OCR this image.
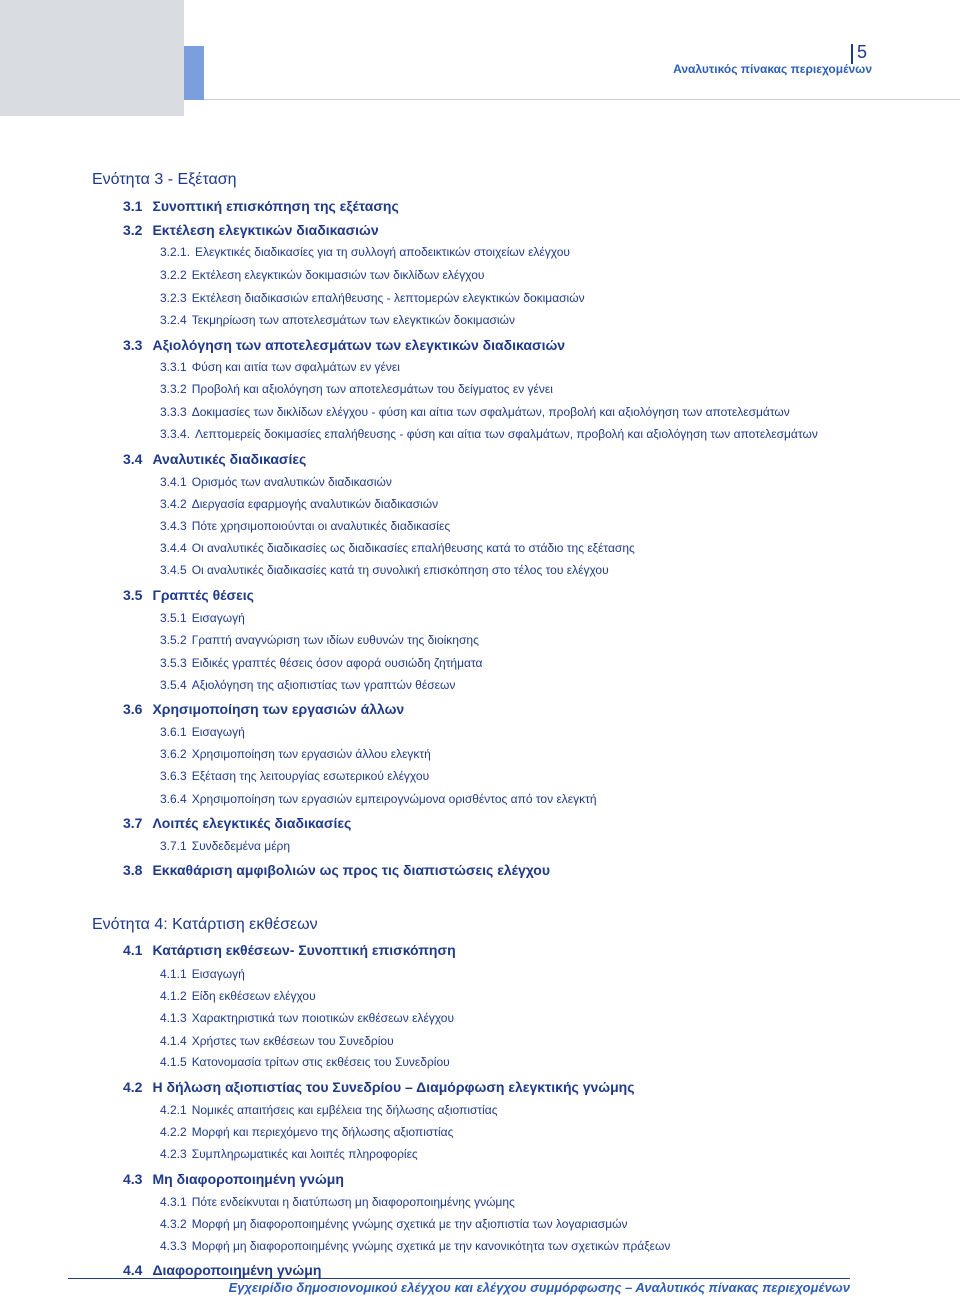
5
Αναλυτικός πίνακας περιεχομένων
Ενότητα 3 - Εξέταση
3.1 Συνοπτική επισκόπηση της εξέτασης
3.2 Εκτέλεση ελεγκτικών διαδικασιών
3.2.1. Ελεγκτικές διαδικασίες για τη συλλογή αποδεικτικών στοιχείων ελέγχου
3.2.2 Εκτέλεση ελεγκτικών δοκιμασιών των δικλίδων ελέγχου
3.2.3 Εκτέλεση διαδικασιών επαλήθευσης - λεπτομερών ελεγκτικών δοκιμασιών
3.2.4 Τεκμηρίωση των αποτελεσμάτων των ελεγκτικών δοκιμασιών
3.3 Αξιολόγηση των αποτελεσμάτων των ελεγκτικών διαδικασιών
3.3.1 Φύση και αιτία των σφαλμάτων εν γένει
3.3.2 Προβολή και αξιολόγηση των αποτελεσμάτων του δείγματος εν γένει
3.3.3 Δοκιμασίες των δικλίδων ελέγχου - φύση και αίτια των σφαλμάτων, προβολή και αξιολόγηση των αποτελεσμάτων
3.3.4. Λεπτομερείς δοκιμασίες επαλήθευσης - φύση και αίτια των σφαλμάτων, προβολή και αξιολόγηση των αποτελεσμάτων
3.4 Αναλυτικές διαδικασίες
3.4.1 Ορισμός των αναλυτικών διαδικασιών
3.4.2 Διεργασία εφαρμογής αναλυτικών διαδικασιών
3.4.3 Πότε χρησιμοποιούνται οι αναλυτικές διαδικασίες
3.4.4 Οι αναλυτικές διαδικασίες ως διαδικασίες επαλήθευσης κατά το στάδιο της εξέτασης
3.4.5 Οι αναλυτικές διαδικασίες κατά τη συνολική επισκόπηση στο τέλος του ελέγχου
3.5 Γραπτές θέσεις
3.5.1 Εισαγωγή
3.5.2 Γραπτή αναγνώριση των ιδίων ευθυνών της διοίκησης
3.5.3 Ειδικές γραπτές θέσεις όσον αφορά ουσιώδη ζητήματα
3.5.4 Αξιολόγηση της αξιοπιστίας των γραπτών θέσεων
3.6 Χρησιμοποίηση των εργασιών άλλων
3.6.1 Εισαγωγή
3.6.2 Χρησιμοποίηση των εργασιών άλλου ελεγκτή
3.6.3 Εξέταση της λειτουργίας εσωτερικού ελέγχου
3.6.4 Χρησιμοποίηση των εργασιών εμπειρογνώμονα ορισθέντος από τον ελεγκτή
3.7 Λοιπές ελεγκτικές διαδικασίες
3.7.1 Συνδεδεμένα μέρη
3.8 Εκκαθάριση αμφιβολιών ως προς τις διαπιστώσεις ελέγχου
Ενότητα 4: Κατάρτιση εκθέσεων
4.1 Κατάρτιση εκθέσεων- Συνοπτική επισκόπηση
4.1.1 Εισαγωγή
4.1.2 Είδη εκθέσεων ελέγχου
4.1.3 Χαρακτηριστικά των ποιοτικών εκθέσεων ελέγχου
4.1.4 Χρήστες των εκθέσεων του Συνεδρίου
4.1.5 Κατονομασία τρίτων στις εκθέσεις του Συνεδρίου
4.2 Η δήλωση αξιοπιστίας του Συνεδρίου – Διαμόρφωση ελεγκτικής γνώμης
4.2.1 Νομικές απαιτήσεις και εμβέλεια της δήλωσης αξιοπιστίας
4.2.2 Μορφή και περιεχόμενο της δήλωσης αξιοπιστίας
4.2.3 Συμπληρωματικές και λοιπές πληροφορίες
4.3 Μη διαφοροποιημένη γνώμη
4.3.1 Πότε ενδείκνυται η διατύπωση μη διαφοροποιημένης γνώμης
4.3.2 Μορφή μη διαφοροποιημένης γνώμης σχετικά με την αξιοπιστία των λογαριασμών
4.3.3 Μορφή μη διαφοροποιημένης γνώμης σχετικά με την κανονικότητα των σχετικών πράξεων
4.4 Διαφοροποιημένη γνώμη
Εγχειρίδιο δημοσιονομικού ελέγχου και ελέγχου συμμόρφωσης – Αναλυτικός πίνακας περιεχομένων
